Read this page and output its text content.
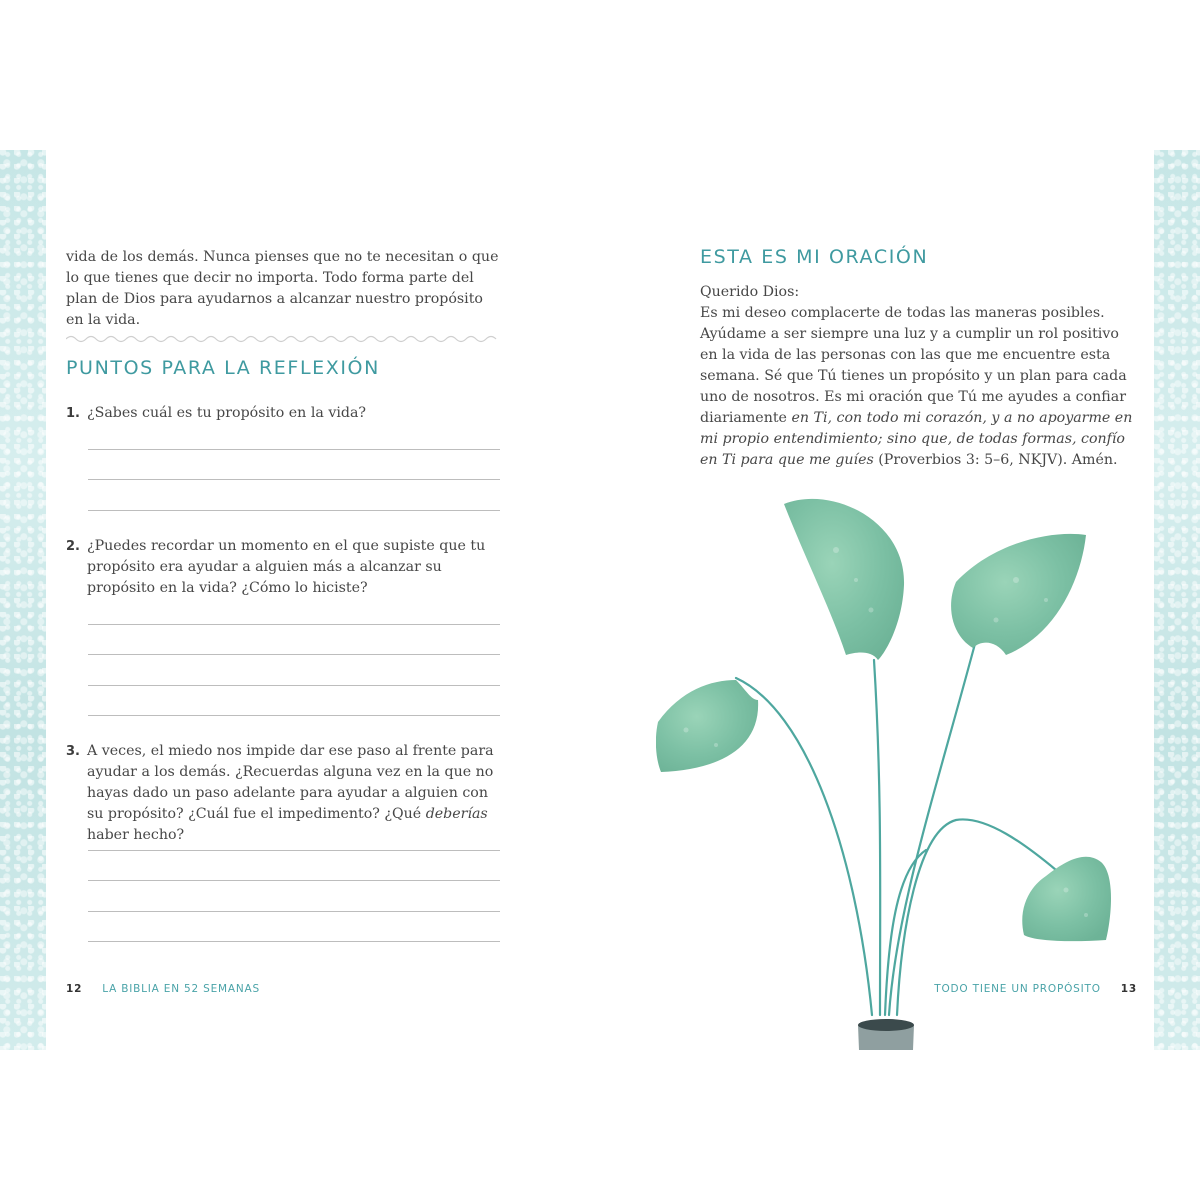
vida de los demás. Nunca pienses que no te necesitan o que lo que tienes que decir no importa. Todo forma parte del plan de Dios para ayudarnos a alcanzar nuestro propósito en la vida.

PUNTOS PARA LA REFLEXIÓN
1. ¿Sabes cuál es tu propósito en la vida?
2. ¿Puedes recordar un momento en el que supiste que tu propósito era ayudar a alguien más a alcanzar su propósito en la vida? ¿Cómo lo hiciste?
3. A veces, el miedo nos impide dar ese paso al frente para ayudar a los demás. ¿Recuerdas alguna vez en la que no hayas dado un paso adelante para ayudar a alguien con su propósito? ¿Cuál fue el impedimento? ¿Qué deberías haber hecho?
12 LA BIBLIA EN 52 SEMANAS
ESTA ES MI ORACIÓN

Querido Dios:

Es mi deseo complacerte de todas las maneras posibles. Ayúdame a ser siempre una luz y a cumplir un rol positivo en la vida de las personas con las que me encuentre esta semana. Sé que Tú tienes un propósito y un plan para cada uno de nosotros. Es mi oración que Tú me ayudes a confiar diariamente en Ti, con todo mi corazón, y a no apoyarme en mi propio entendimiento; sino que, de todas formas, confío en Ti para que me guíes (Proverbios 3: 5–6, NKJV). Amén.

TODO TIENE UN PROPÓSITO 13
